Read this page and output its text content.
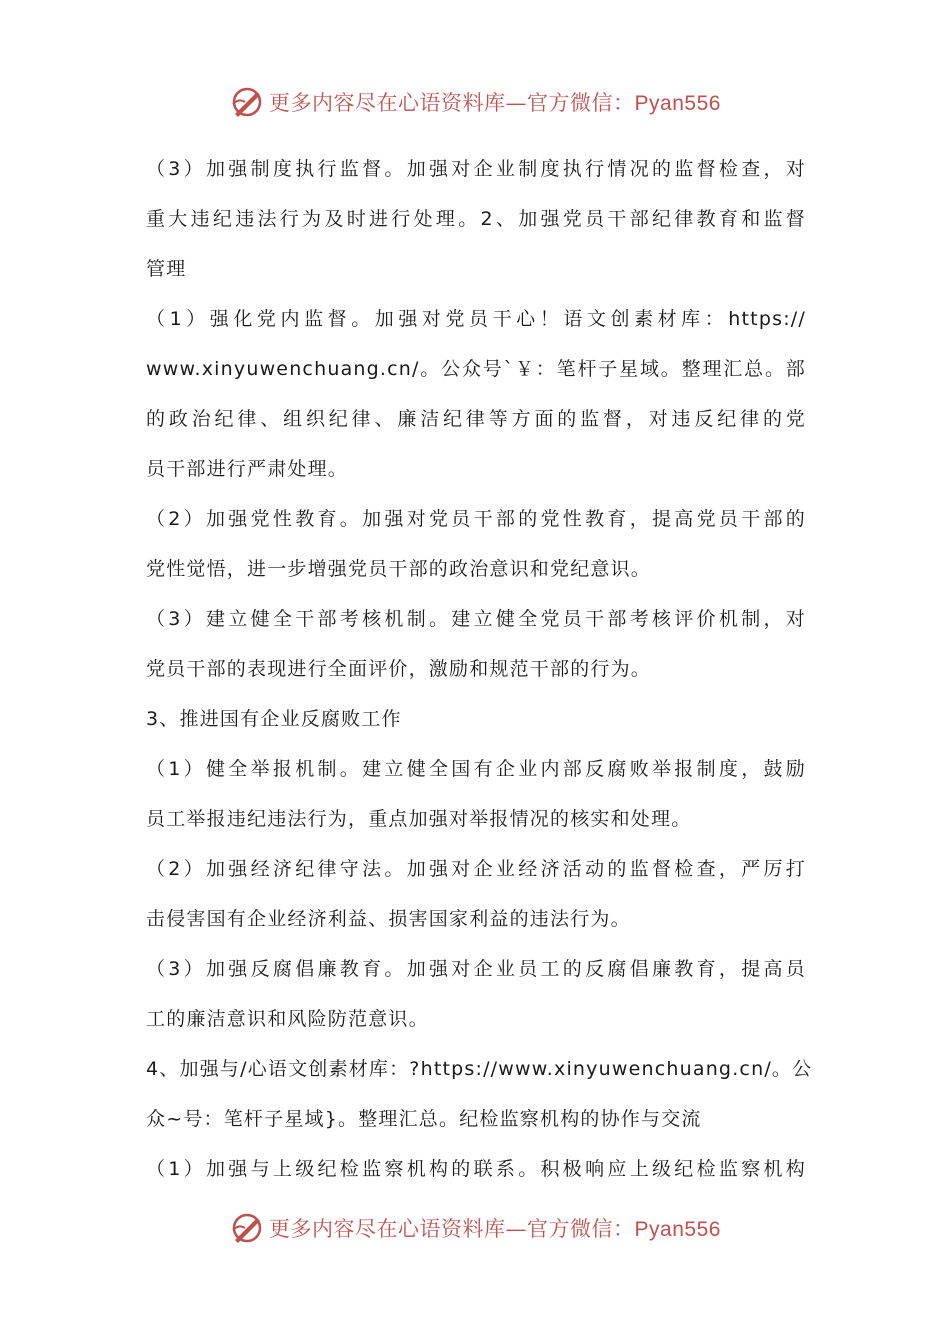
更多内容尽在心语资料库—官方微信：Pyan556
（3）加强制度执行监督。加强对企业制度执行情况的监督检查，对
重大违纪违法行为及时进行处理。2、加强党员干部纪律教育和监督
管理
（1）强化党内监督。加强对党员干心！语文创素材库：https://
www.xinyuwenchuang.cn/。公众号`￥：笔杆子星域。整理汇总。部
的政治纪律、组织纪律、廉洁纪律等方面的监督，对违反纪律的党
员干部进行严肃处理。
（2）加强党性教育。加强对党员干部的党性教育，提高党员干部的
党性觉悟，进一步增强党员干部的政治意识和党纪意识。
（3）建立健全干部考核机制。建立健全党员干部考核评价机制，对
党员干部的表现进行全面评价，激励和规范干部的行为。
3、推进国有企业反腐败工作
（1）健全举报机制。建立健全国有企业内部反腐败举报制度，鼓励
员工举报违纪违法行为，重点加强对举报情况的核实和处理。
（2）加强经济纪律守法。加强对企业经济活动的监督检查，严厉打
击侵害国有企业经济利益、损害国家利益的违法行为。
（3）加强反腐倡廉教育。加强对企业员工的反腐倡廉教育，提高员
工的廉洁意识和风险防范意识。
4、加强与/心语文创素材库：?https://www.xinyuwenchuang.cn/。公
众~号：笔杆子星域}。整理汇总。纪检监察机构的协作与交流
（1）加强与上级纪检监察机构的联系。积极响应上级纪检监察机构
更多内容尽在心语资料库—官方微信：Pyan556
